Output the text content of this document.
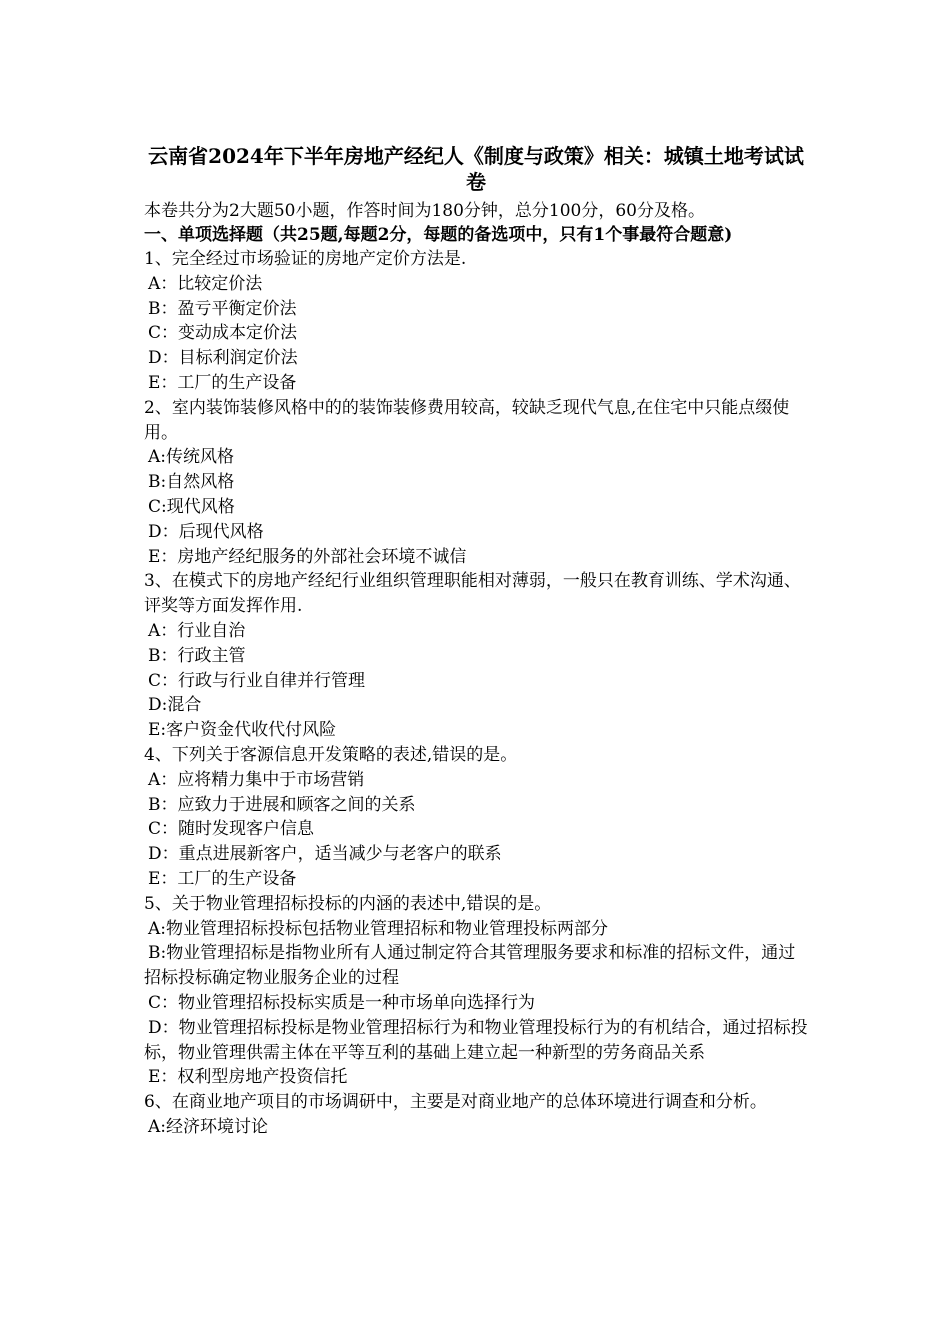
云南省2024年下半年房地产经纪人《制度与政策》相关：城镇土地考试试卷

本卷共分为2大题50小题，作答时间为180分钟，总分100分，60分及格。

一、单项选择题（共25题,每题2分，每题的备选项中，只有1个事最符合题意)

1、完全经过市场验证的房地产定价方法是.

A：比较定价法

B：盈亏平衡定价法

C：变动成本定价法

D：目标利润定价法

E：工厂的生产设备

2、室内装饰装修风格中的的装饰装修费用较高，较缺乏现代气息,在住宅中只能点缀使用。

A:传统风格

B:自然风格

C:现代风格

D：后现代风格

E：房地产经纪服务的外部社会环境不诚信

3、在模式下的房地产经纪行业组织管理职能相对薄弱，一般只在教育训练、学术沟通、评奖等方面发挥作用.

A：行业自治

B：行政主管

C：行政与行业自律并行管理

D:混合

E:客户资金代收代付风险

4、下列关于客源信息开发策略的表述,错误的是。

A：应将精力集中于市场营销

B：应致力于进展和顾客之间的关系

C：随时发现客户信息

D：重点进展新客户，适当减少与老客户的联系

E：工厂的生产设备

5、关于物业管理招标投标的内涵的表述中,错误的是。

A:物业管理招标投标包括物业管理招标和物业管理投标两部分

B:物业管理招标是指物业所有人通过制定符合其管理服务要求和标准的招标文件，通过招标投标确定物业服务企业的过程

C：物业管理招标投标实质是一种市场单向选择行为

D：物业管理招标投标是物业管理招标行为和物业管理投标行为的有机结合，通过招标投标，物业管理供需主体在平等互利的基础上建立起一种新型的劳务商品关系

E：权利型房地产投资信托

6、在商业地产项目的市场调研中，主要是对商业地产的总体环境进行调查和分析。

A:经济环境讨论
